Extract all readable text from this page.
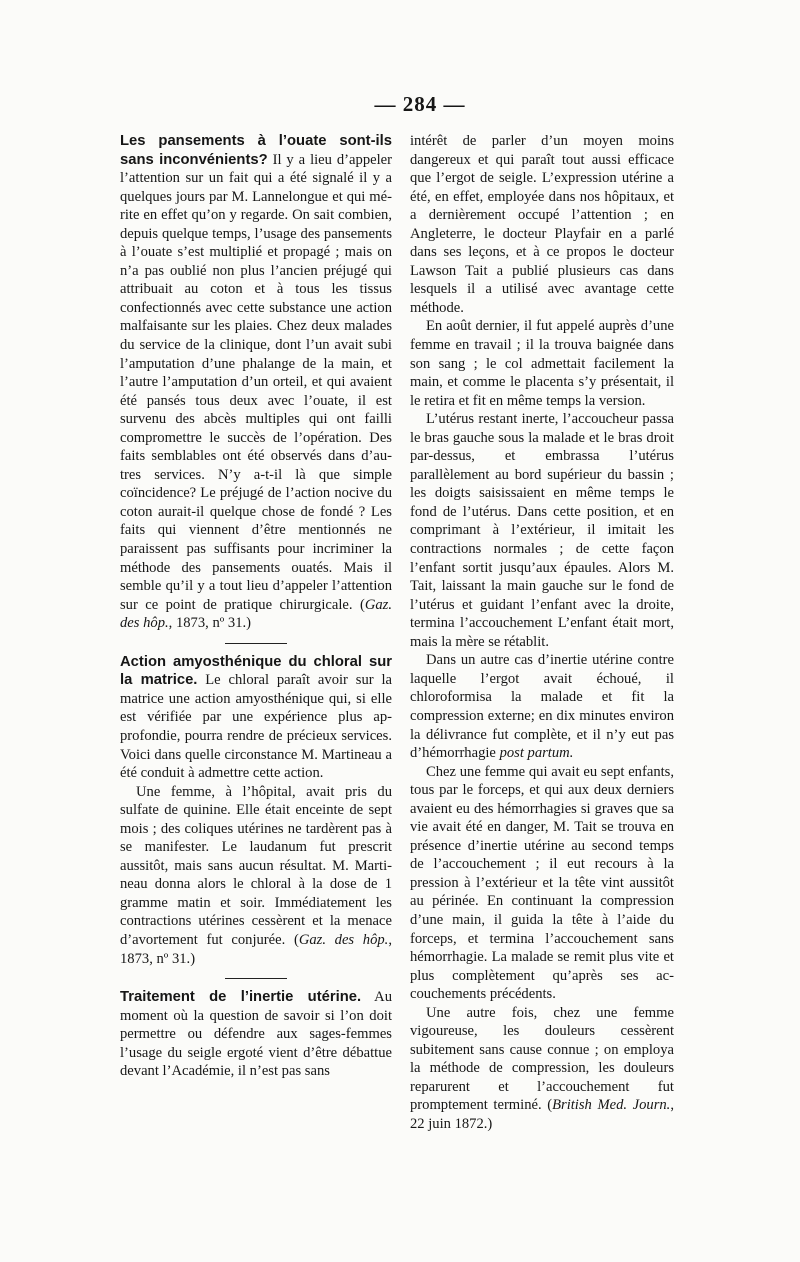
— 284 —

Les pansements à l’ouate sont-ils sans inconvénients? Il y a lieu d’appeler l’attention sur un fait qui a été signalé il y a quelques jours par M. Lannelongue et qui mérite en effet qu’on y regarde. On sait combien, depuis quelque temps, l’usage des pansements à l’ouate s’est multiplié et propagé ; mais on n’a pas oublié non plus l’ancien préjugé qui attribuait au coton et à tous les tissus confectionnés avec cette substance une action malfaisante sur les plaies. Chez deux malades du service de la clinique, dont l’un avait subi l’amputation d’une phalange de la main, et l’autre l’amputation d’un orteil, et qui avaient été pansés tous deux avec l’ouate, il est survenu des abcès multiples qui ont failli compromettre le succès de l’opération. Des faits semblables ont été observés dans d’autres services. N’y a-t-il là que simple coïncidence? Le préjugé de l’action nocive du coton aurait-il quelque chose de fondé ? Les faits qui viennent d’être mentionnés ne paraissent pas suffisants pour incriminer la méthode des pansements ouatés. Mais il semble qu’il y a tout lieu d’appeler l’attention sur ce point de pratique chirurgicale. (Gaz. des hôp., 1873, nº 31.)

Action amyosthénique du chloral sur la matrice. Le chloral paraît avoir sur la matrice une action amyosthénique qui, si elle est vérifiée par une expérience plus approfondie, pourra rendre de précieux services. Voici dans quelle circonstance M. Martineau a été conduit à admettre cette action.

Une femme, à l’hôpital, avait pris du sulfate de quinine. Elle était enceinte de sept mois ; des coliques utérines ne tardèrent pas à se manifester. Le laudanum fut prescrit aussitôt, mais sans aucun résultat. M. Martineau donna alors le chloral à la dose de 1 gramme matin et soir. Immédiatement les contractions utérines cessèrent et la menace d’avortement fut conjurée. (Gaz. des hôp., 1873, nº 31.)

Traitement de l’inertie utérine. Au moment où la question de savoir si l’on doit permettre ou défendre aux sages-femmes l’usage du seigle ergoté vient d’être débattue devant l’Académie, il n’est pas sans

intérêt de parler d’un moyen moins dangereux et qui paraît tout aussi efficace que l’ergot de seigle. L’expression utérine a été, en effet, employée dans nos hôpitaux, et a dernièrement occupé l’attention ; en Angleterre, le docteur Playfair en a parlé dans ses leçons, et à ce propos le docteur Lawson Tait a publié plusieurs cas dans lesquels il a utilisé avec avantage cette méthode.

En août dernier, il fut appelé auprès d’une femme en travail ; il la trouva baignée dans son sang ; le col admettait facilement la main, et comme le placenta s’y présentait, il le retira et fit en même temps la version.

L’utérus restant inerte, l’accoucheur passa le bras gauche sous la malade et le bras droit par-dessus, et embrassa l’utérus parallèlement au bord supérieur du bassin ; les doigts saisissaient en même temps le fond de l’utérus. Dans cette position, et en comprimant à l’extérieur, il imitait les contractions normales ; de cette façon l’enfant sortit jusqu’aux épaules. Alors M. Tait, laissant la main gauche sur le fond de l’utérus et guidant l’enfant avec la droite, termina l’accouchement L’enfant était mort, mais la mère se rétablit.

Dans un autre cas d’inertie utérine contre laquelle l’ergot avait échoué, il chloroformisa la malade et fit la compression externe; en dix minutes environ la délivrance fut complète, et il n’y eut pas d’hémorrhagie post partum.

Chez une femme qui avait eu sept enfants, tous par le forceps, et qui aux deux derniers avaient eu des hémorrhagies si graves que sa vie avait été en danger, M. Tait se trouva en présence d’inertie utérine au second temps de l’accouchement ; il eut recours à la pression à l’extérieur et la tête vint aussitôt au périnée. En continuant la compression d’une main, il guida la tête à l’aide du forceps, et termina l’accouchement sans hémorrhagie. La malade se remit plus vite et plus complètement qu’après ses accouchements précédents.

Une autre fois, chez une femme vigoureuse, les douleurs cessèrent subitement sans cause connue ; on employa la méthode de compression, les douleurs reparurent et l’accouchement fut promptement terminé. (British Med. Journ., 22 juin 1872.)
